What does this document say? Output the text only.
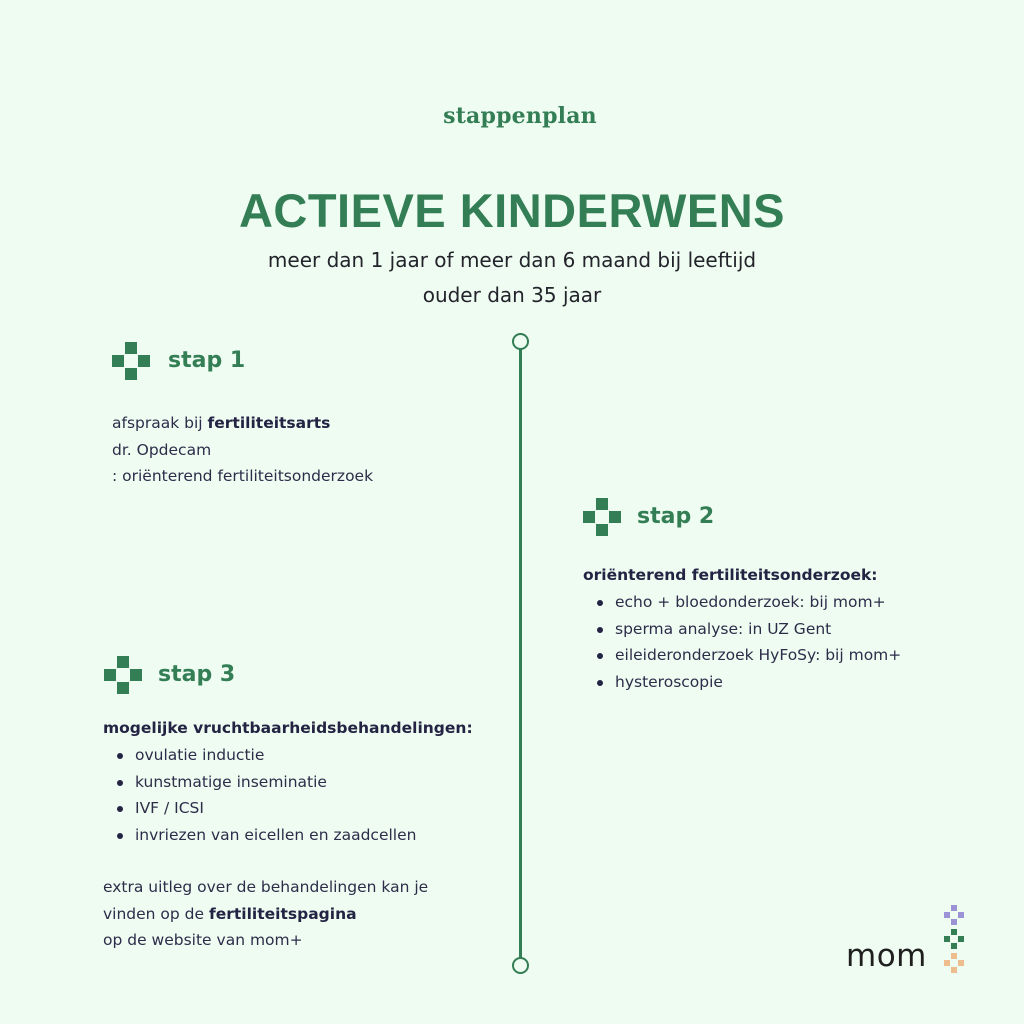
stappenplan
ACTIEVE KINDERWENS
meer dan 1 jaar of meer dan 6 maand bij leeftijd
ouder dan 35 jaar
stap 1
afspraak bij fertiliteitsarts
dr. Opdecam
: oriënterend fertiliteitsonderzoek
stap 2
oriënterend fertiliteitsonderzoek:
echo + bloedonderzoek: bij mom+
sperma analyse: in UZ Gent
eileideronderzoek HyFoSy: bij mom+
hysteroscopie
stap 3
mogelijke vruchtbaarheidsbehandelingen:
ovulatie inductie
kunstmatige inseminatie
IVF / ICSI
invriezen van eicellen en zaadcellen
extra uitleg over de behandelingen kan je
vinden op de fertiliteitspagina
op de website van mom+	mom
